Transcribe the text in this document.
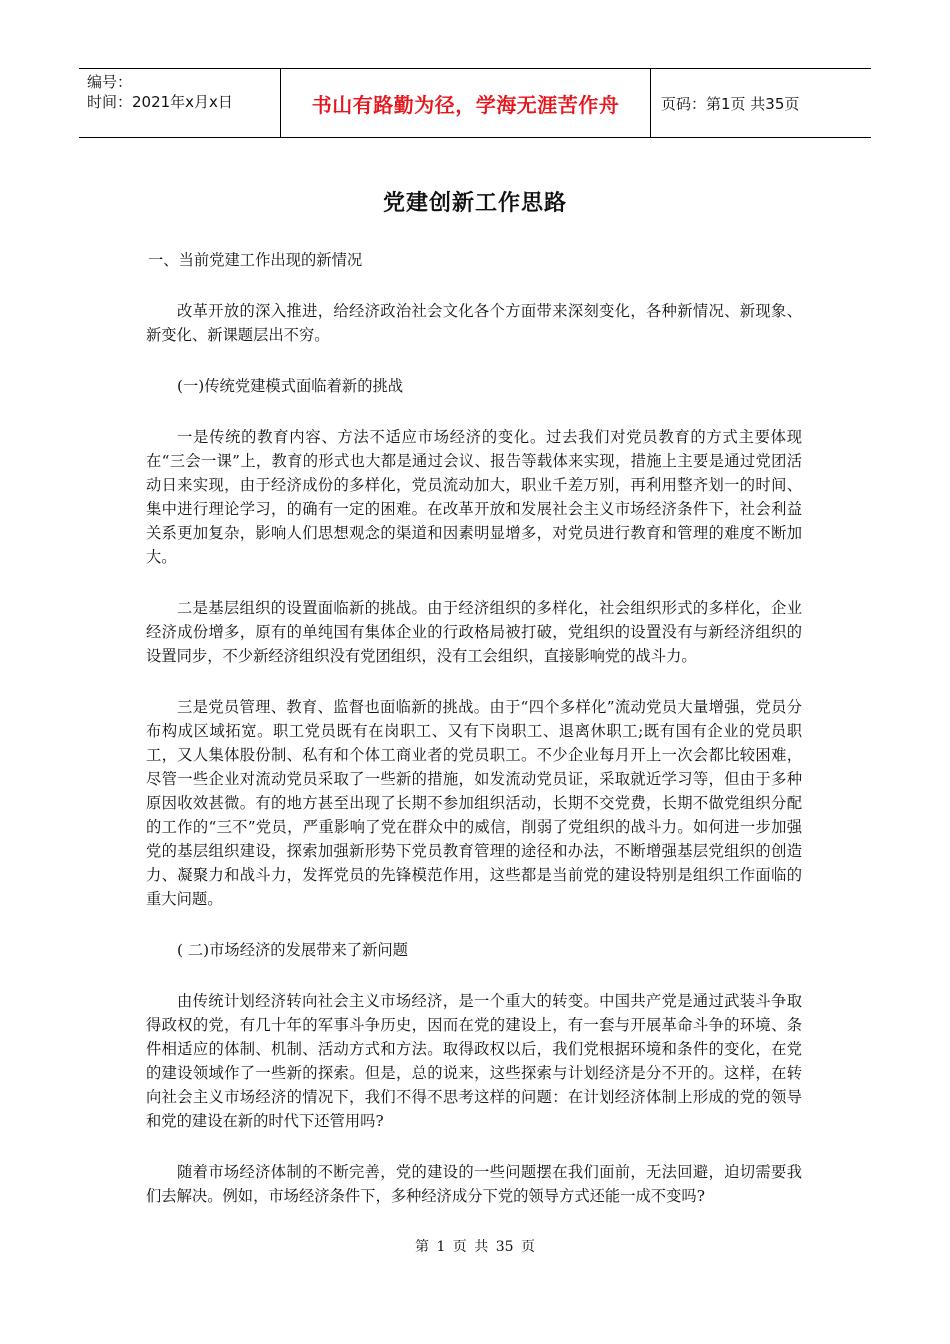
编号：
时间：2021年x月x日	书山有路勤为径，学海无涯苦作舟	页码：第1页 共35页
党建创新工作思路

一、当前党建工作出现的新情况

改革开放的深入推进，给经济政治社会文化各个方面带来深刻变化，各种新情况、新现象、新变化、新课题层出不穷。

(一)传统党建模式面临着新的挑战

一是传统的教育内容、方法不适应市场经济的变化。过去我们对党员教育的方式主要体现在“三会一课”上，教育的形式也大都是通过会议、报告等载体来实现，措施上主要是通过党团活动日来实现，由于经济成份的多样化，党员流动加大，职业千差万别，再利用整齐划一的时间、集中进行理论学习，的确有一定的困难。在改革开放和发展社会主义市场经济条件下，社会利益关系更加复杂，影响人们思想观念的渠道和因素明显增多，对党员进行教育和管理的难度不断加大。

二是基层组织的设置面临新的挑战。由于经济组织的多样化，社会组织形式的多样化，企业经济成份增多，原有的单纯国有集体企业的行政格局被打破，党组织的设置没有与新经济组织的设置同步，不少新经济组织没有党团组织，没有工会组织，直接影响党的战斗力。

三是党员管理、教育、监督也面临新的挑战。由于“四个多样化”流动党员大量增强，党员分布构成区域拓宽。职工党员既有在岗职工、又有下岗职工、退离休职工;既有国有企业的党员职工，又人集体股份制、私有和个体工商业者的党员职工。不少企业每月开上一次会都比较困难，尽管一些企业对流动党员采取了一些新的措施，如发流动党员证，采取就近学习等，但由于多种原因收效甚微。有的地方甚至出现了长期不参加组织活动，长期不交党费，长期不做党组织分配的工作的“三不”党员，严重影响了党在群众中的威信，削弱了党组织的战斗力。如何进一步加强党的基层组织建设，探索加强新形势下党员教育管理的途径和办法，不断增强基层党组织的创造力、凝聚力和战斗力，发挥党员的先锋模范作用，这些都是当前党的建设特别是组织工作面临的重大问题。

( 二)市场经济的发展带来了新问题

由传统计划经济转向社会主义市场经济，是一个重大的转变。中国共产党是通过武装斗争取得政权的党，有几十年的军事斗争历史，因而在党的建设上，有一套与开展革命斗争的环境、条件相适应的体制、机制、活动方式和方法。取得政权以后，我们党根据环境和条件的变化，在党的建设领域作了一些新的探索。但是，总的说来，这些探索与计划经济是分不开的。这样，在转向社会主义市场经济的情况下，我们不得不思考这样的问题：在计划经济体制上形成的党的领导和党的建设在新的时代下还管用吗?

随着市场经济体制的不断完善，党的建设的一些问题摆在我们面前，无法回避，迫切需要我们去解决。例如，市场经济条件下，多种经济成分下党的领导方式还能一成不变吗?

第 1 页 共 35 页
